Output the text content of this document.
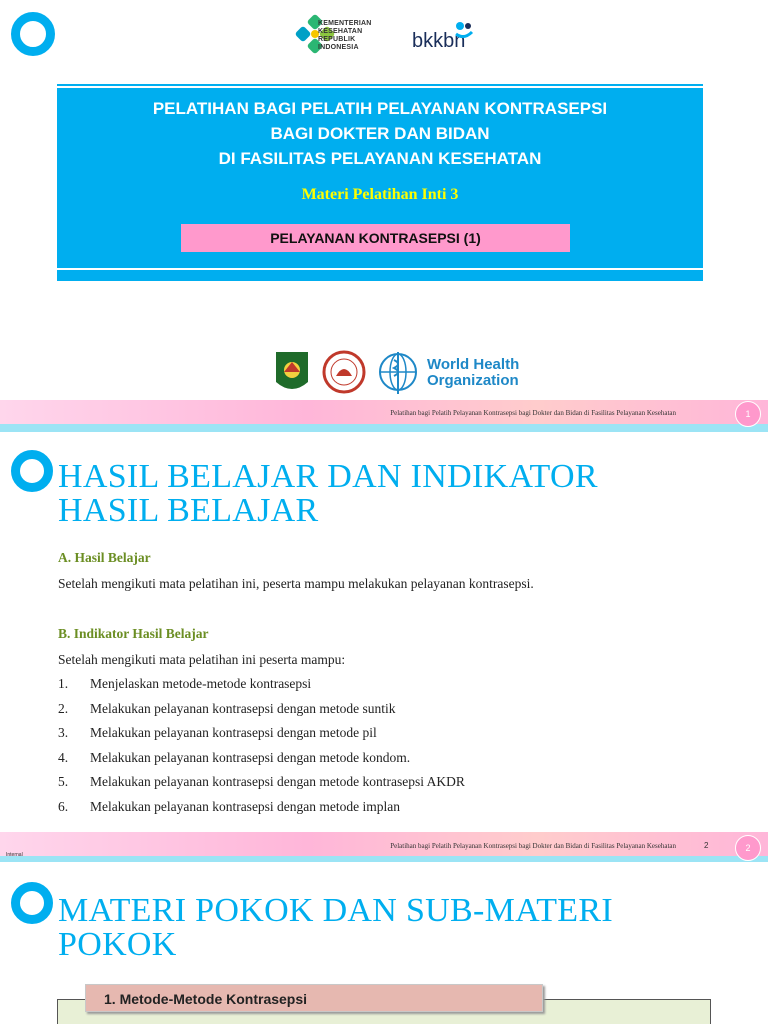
KEMENTERIAN
KESEHATAN
REPUBLIK
INDONESIA	bkkbn
PELATIHAN BAGI PELATIH PELAYANAN KONTRASEPSI
BAGI DOKTER DAN BIDAN
DI FASILITAS PELAYANAN KESEHATAN
Materi Pelatihan Inti 3
PELAYANAN KONTRASEPSI (1)
World Health
Organization
Pelatihan bagi Pelatih Pelayanan Kontrasepsi bagi Dokter dan Bidan di Fasilitas Pelayanan Kesehatan	1
HASIL BELAJAR DAN INDIKATOR
HASIL BELAJAR
A. Hasil Belajar
Setelah mengikuti mata pelatihan ini, peserta mampu melakukan pelayanan kontrasepsi.
B. Indikator Hasil Belajar
Setelah mengikuti mata pelatihan ini peserta mampu:
1. Menjelaskan metode-metode kontrasepsi
2. Melakukan pelayanan kontrasepsi dengan metode suntik
3. Melakukan pelayanan kontrasepsi dengan metode pil
4. Melakukan pelayanan kontrasepsi dengan metode kondom.
5. Melakukan pelayanan kontrasepsi dengan metode kontrasepsi AKDR
6. Melakukan pelayanan kontrasepsi dengan metode implan
Pelatihan bagi Pelatih Pelayanan Kontrasepsi bagi Dokter dan Bidan di Fasilitas Pelayanan Kesehatan	2	2
Internal
MATERI POKOK DAN SUB-MATERI
POKOK
1. Metode-Metode Kontrasepsi
